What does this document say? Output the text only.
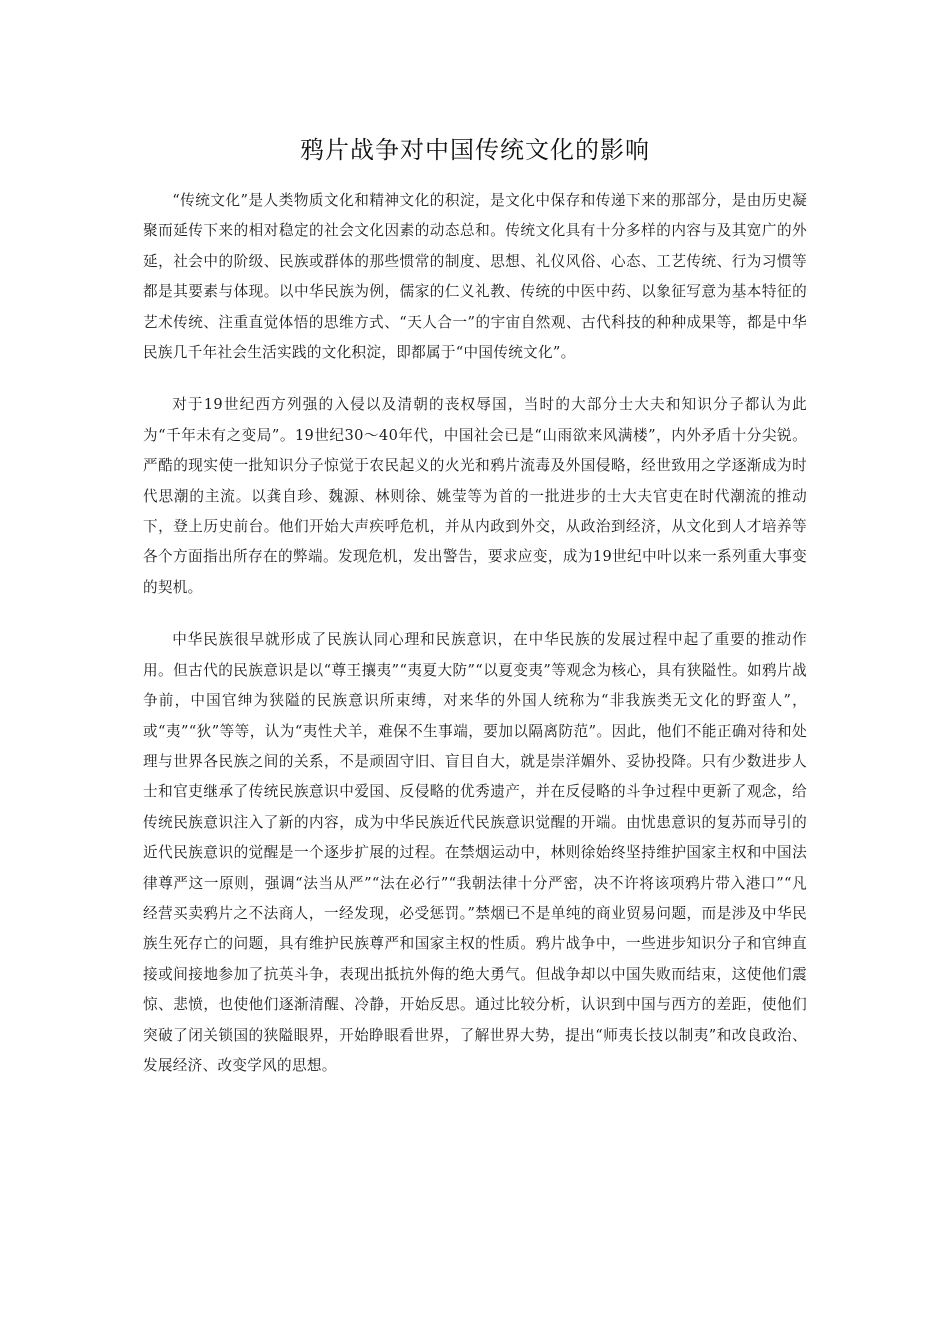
鸦片战争对中国传统文化的影响

“传统文化”是人类物质文化和精神文化的积淀，是文化中保存和传递下来的那部分，是由历史凝聚而延传下来的相对稳定的社会文化因素的动态总和。传统文化具有十分多样的内容与及其宽广的外延，社会中的阶级、民族或群体的那些惯常的制度、思想、礼仪风俗、心态、工艺传统、行为习惯等都是其要素与体现。以中华民族为例，儒家的仁义礼教、传统的中医中药、以象征写意为基本特征的艺术传统、注重直觉体悟的思维方式、“天人合一”的宇宙自然观、古代科技的种种成果等，都是中华民族几千年社会生活实践的文化积淀，即都属于“中国传统文化”。

对于19世纪西方列强的入侵以及清朝的丧权辱国，当时的大部分士大夫和知识分子都认为此为“千年未有之变局”。19世纪30～40年代，中国社会已是“山雨欲来风满楼”，内外矛盾十分尖锐。严酷的现实使一批知识分子惊觉于农民起义的火光和鸦片流毒及外国侵略，经世致用之学逐渐成为时代思潮的主流。以龚自珍、魏源、林则徐、姚莹等为首的一批进步的士大夫官吏在时代潮流的推动下，登上历史前台。他们开始大声疾呼危机，并从内政到外交，从政治到经济，从文化到人才培养等各个方面指出所存在的弊端。发现危机，发出警告，要求应变，成为19世纪中叶以来一系列重大事变的契机。

中华民族很早就形成了民族认同心理和民族意识，在中华民族的发展过程中起了重要的推动作用。但古代的民族意识是以“尊王攘夷”“夷夏大防”“以夏变夷”等观念为核心，具有狭隘性。如鸦片战争前，中国官绅为狭隘的民族意识所束缚，对来华的外国人统称为“非我族类无文化的野蛮人”，或“夷”“狄”等等，认为“夷性犬羊，难保不生事端，要加以隔离防范”。因此，他们不能正确对待和处理与世界各民族之间的关系，不是顽固守旧、盲目自大，就是崇洋媚外、妥协投降。只有少数进步人士和官吏继承了传统民族意识中爱国、反侵略的优秀遗产，并在反侵略的斗争过程中更新了观念，给传统民族意识注入了新的内容，成为中华民族近代民族意识觉醒的开端。由忧患意识的复苏而导引的近代民族意识的觉醒是一个逐步扩展的过程。在禁烟运动中，林则徐始终坚持维护国家主权和中国法律尊严这一原则，强调“法当从严”“法在必行”“我朝法律十分严密，决不许将该项鸦片带入港口”“凡经营买卖鸦片之不法商人，一经发现，必受惩罚。”禁烟已不是单纯的商业贸易问题，而是涉及中华民族生死存亡的问题，具有维护民族尊严和国家主权的性质。鸦片战争中，一些进步知识分子和官绅直接或间接地参加了抗英斗争，表现出抵抗外侮的绝大勇气。但战争却以中国失败而结束，这使他们震惊、悲愤，也使他们逐渐清醒、冷静，开始反思。通过比较分析，认识到中国与西方的差距，使他们突破了闭关锁国的狭隘眼界，开始睁眼看世界，了解世界大势，提出“师夷长技以制夷”和改良政治、发展经济、改变学风的思想。
